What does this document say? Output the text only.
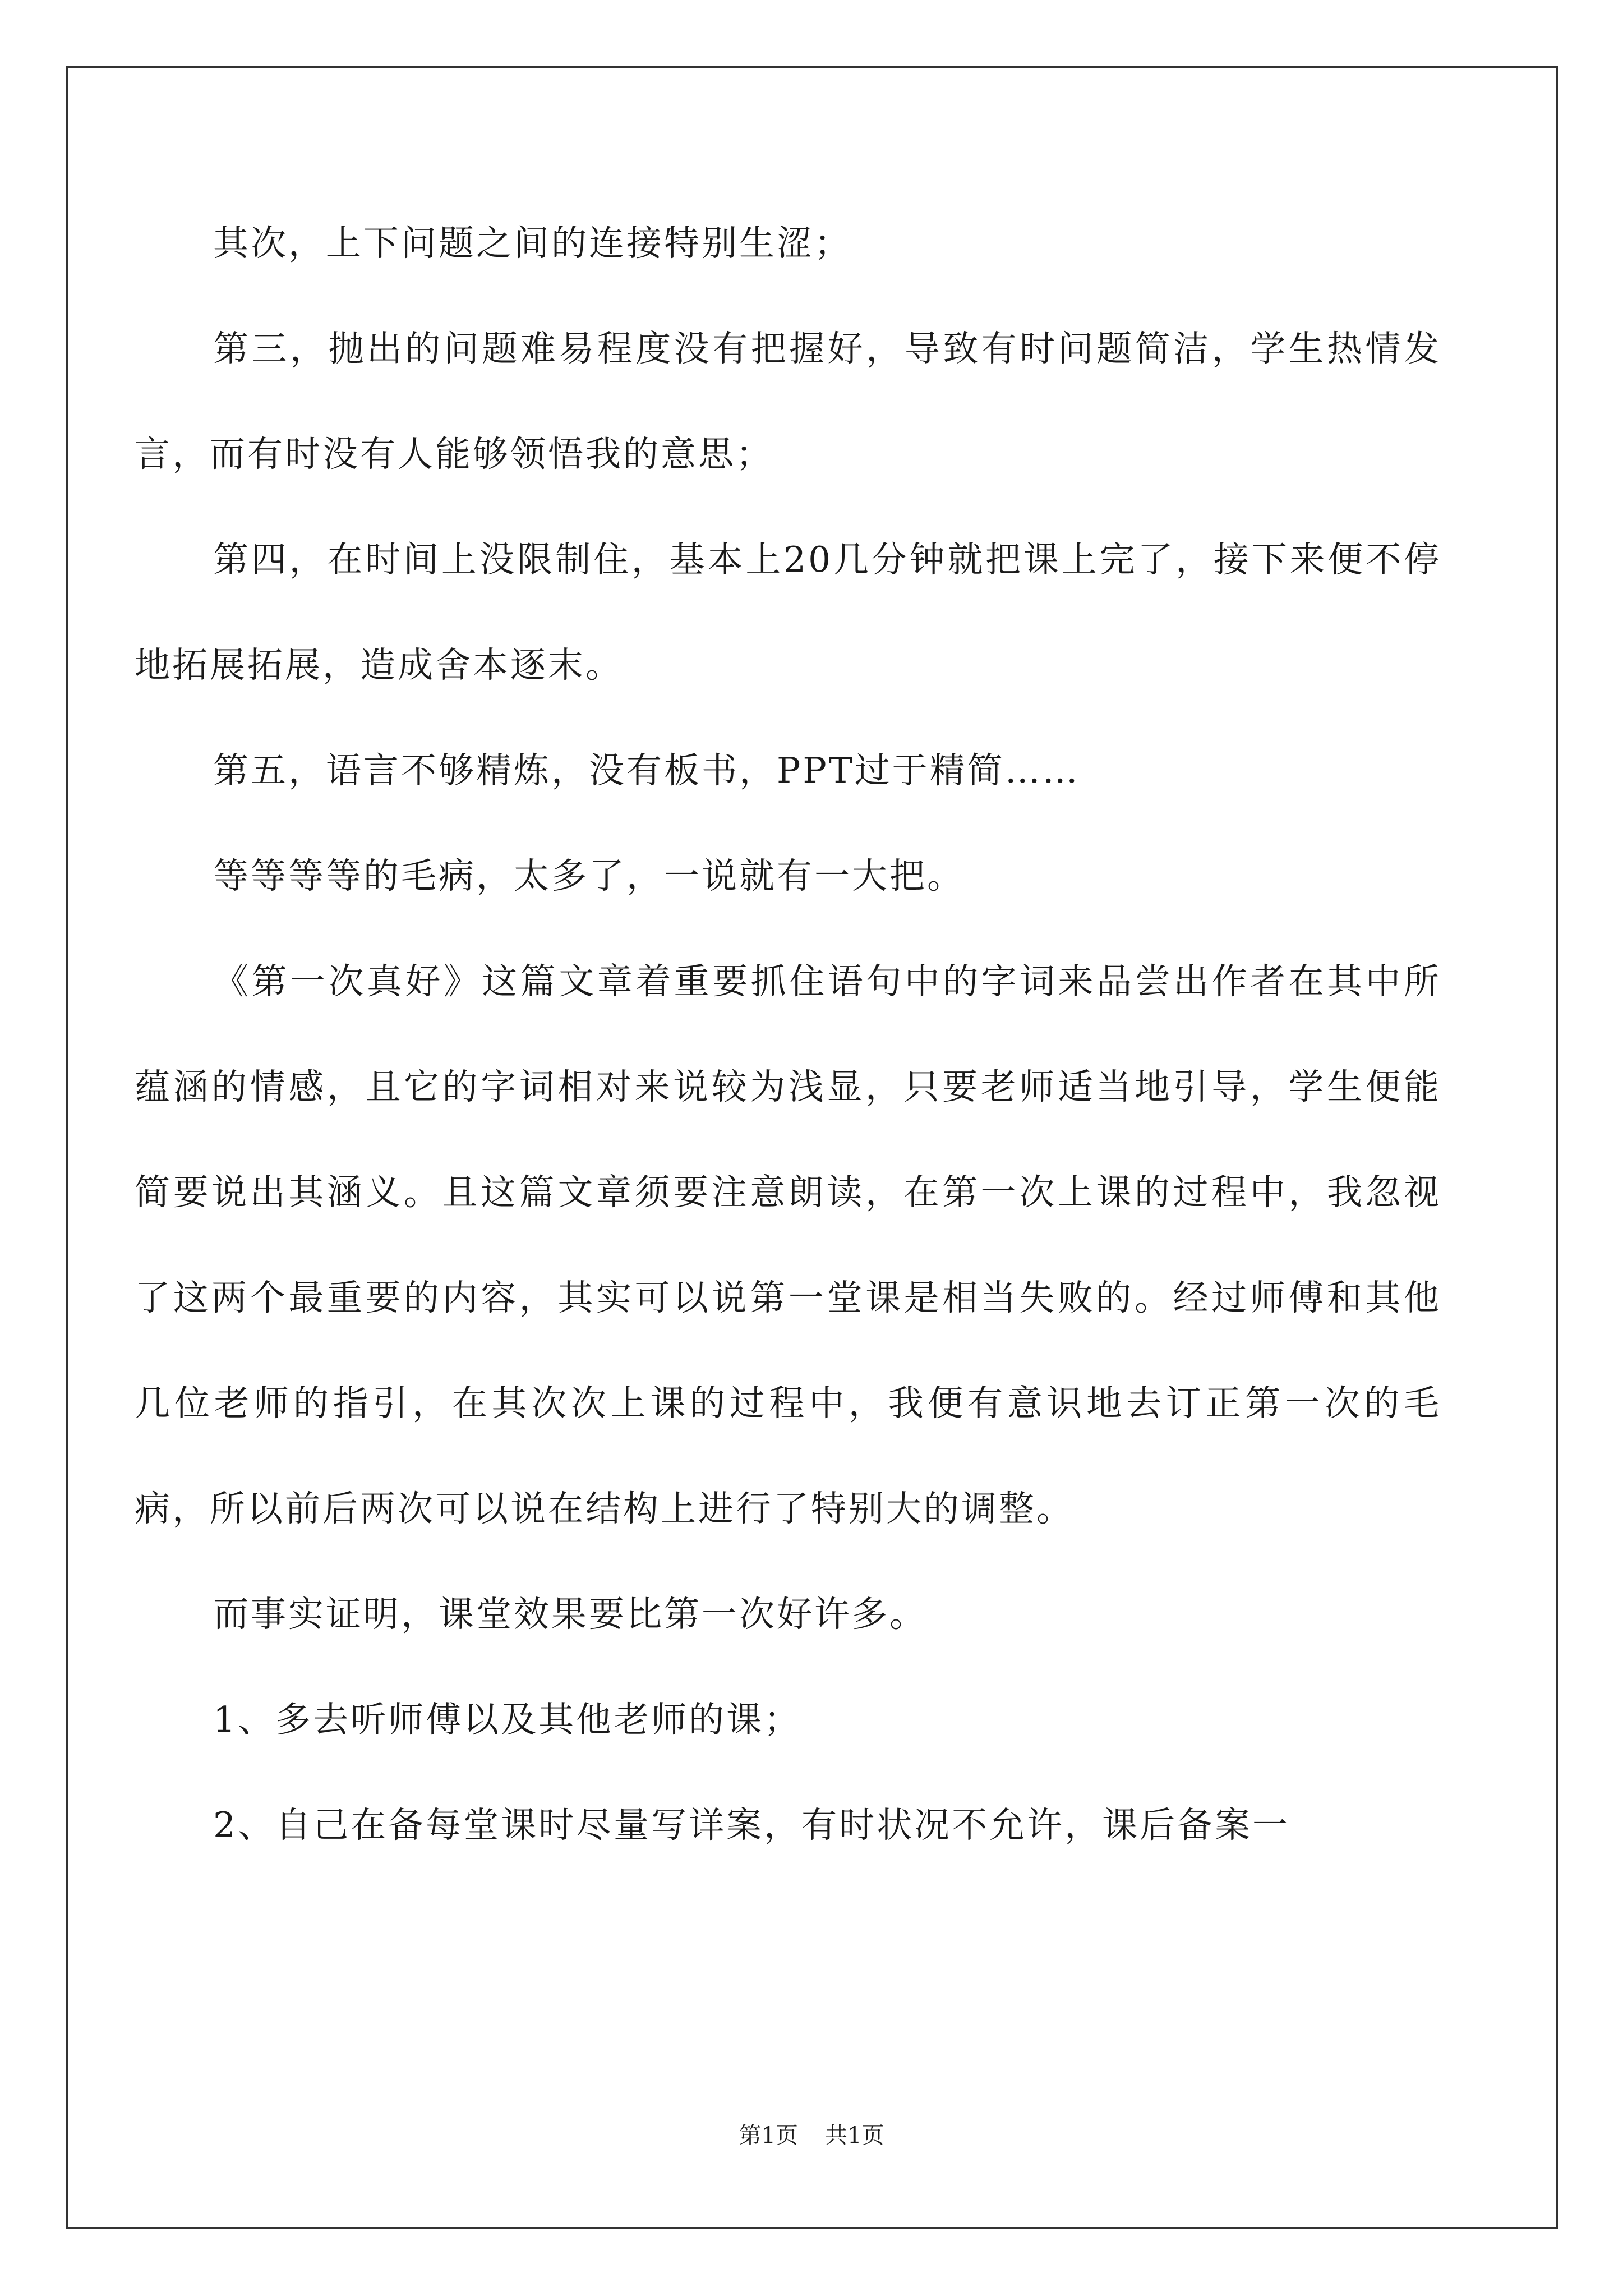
其次，上下问题之间的连接特别生涩；

第三，抛出的问题难易程度没有把握好，导致有时问题简洁，学生热情发言，而有时没有人能够领悟我的意思；

第四，在时间上没限制住，基本上20几分钟就把课上完了，接下来便不停地拓展拓展，造成舍本逐末。

第五，语言不够精炼，没有板书，PPT过于精简……

等等等等的毛病，太多了，一说就有一大把。

《第一次真好》这篇文章着重要抓住语句中的字词来品尝出作者在其中所蕴涵的情感，且它的字词相对来说较为浅显，只要老师适当地引导，学生便能简要说出其涵义。且这篇文章须要注意朗读，在第一次上课的过程中，我忽视了这两个最重要的内容，其实可以说第一堂课是相当失败的。经过师傅和其他几位老师的指引，在其次次上课的过程中，我便有意识地去订正第一次的毛病，所以前后两次可以说在结构上进行了特别大的调整。

而事实证明，课堂效果要比第一次好许多。

1、多去听师傅以及其他老师的课；

2、自己在备每堂课时尽量写详案，有时状况不允许，课后备案一

第1页 共1页
